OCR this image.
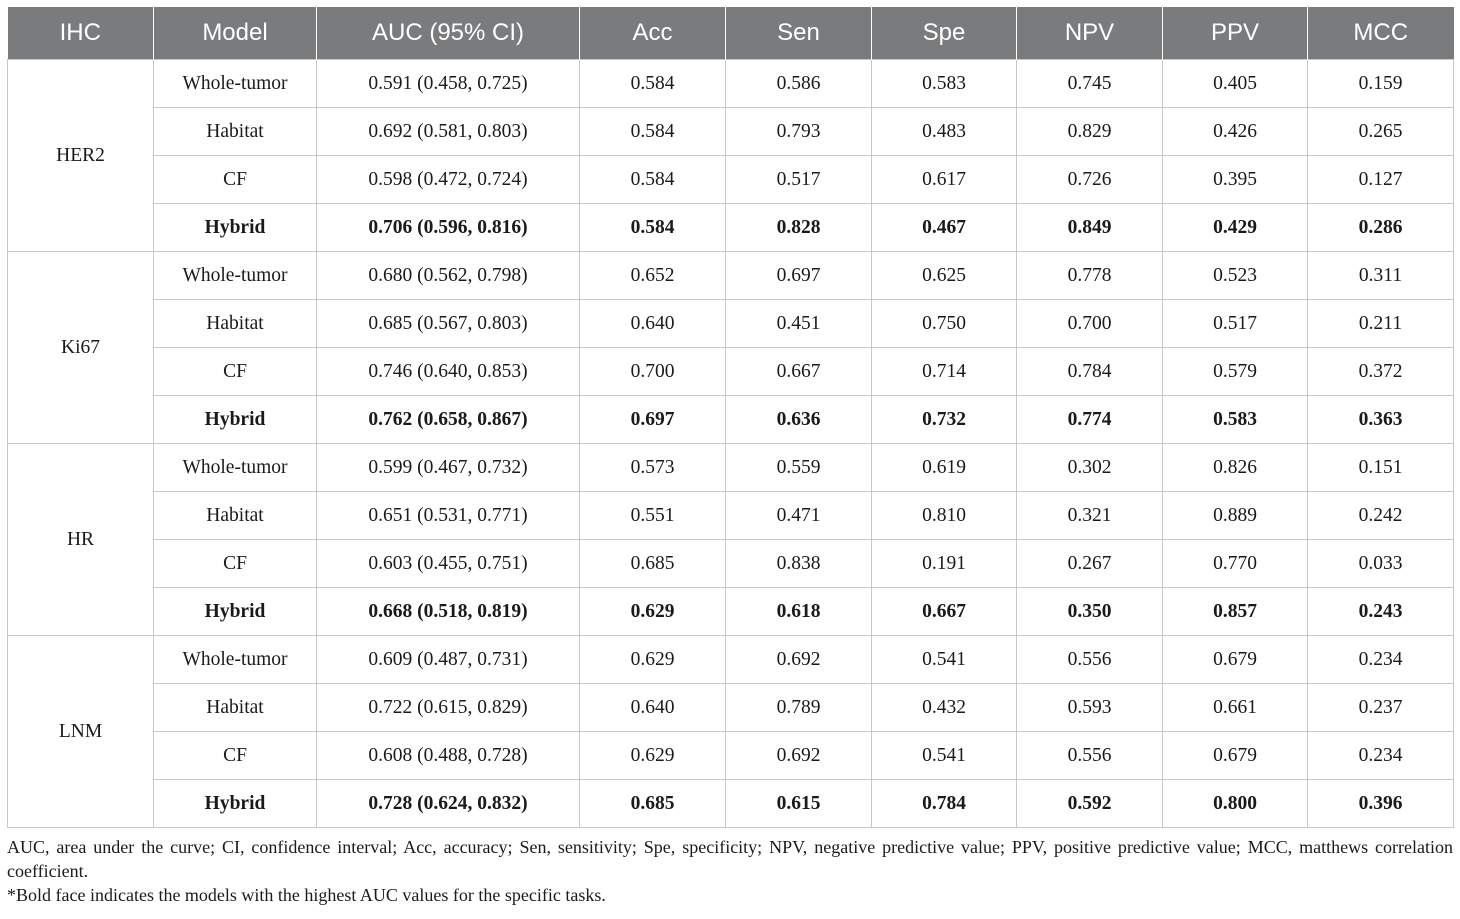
IHC	Model	AUC (95% CI)	Acc	Sen	Spe	NPV	PPV	MCC
HER2	Whole-tumor	0.591 (0.458, 0.725)	0.584	0.586	0.583	0.745	0.405	0.159
	Habitat	0.692 (0.581, 0.803)	0.584	0.793	0.483	0.829	0.426	0.265
	CF	0.598 (0.472, 0.724)	0.584	0.517	0.617	0.726	0.395	0.127
	Hybrid	0.706 (0.596, 0.816)	0.584	0.828	0.467	0.849	0.429	0.286
Ki67	Whole-tumor	0.680 (0.562, 0.798)	0.652	0.697	0.625	0.778	0.523	0.311
	Habitat	0.685 (0.567, 0.803)	0.640	0.451	0.750	0.700	0.517	0.211
	CF	0.746 (0.640, 0.853)	0.700	0.667	0.714	0.784	0.579	0.372
	Hybrid	0.762 (0.658, 0.867)	0.697	0.636	0.732	0.774	0.583	0.363
HR	Whole-tumor	0.599 (0.467, 0.732)	0.573	0.559	0.619	0.302	0.826	0.151
	Habitat	0.651 (0.531, 0.771)	0.551	0.471	0.810	0.321	0.889	0.242
	CF	0.603 (0.455, 0.751)	0.685	0.838	0.191	0.267	0.770	0.033
	Hybrid	0.668 (0.518, 0.819)	0.629	0.618	0.667	0.350	0.857	0.243
LNM	Whole-tumor	0.609 (0.487, 0.731)	0.629	0.692	0.541	0.556	0.679	0.234
	Habitat	0.722 (0.615, 0.829)	0.640	0.789	0.432	0.593	0.661	0.237
	CF	0.608 (0.488, 0.728)	0.629	0.692	0.541	0.556	0.679	0.234
	Hybrid	0.728 (0.624, 0.832)	0.685	0.615	0.784	0.592	0.800	0.396

AUC, area under the curve; CI, confidence interval; Acc, accuracy; Sen, sensitivity; Spe, specificity; NPV, negative predictive value; PPV, positive predictive value; MCC, matthews correlation coefficient.

*Bold face indicates the models with the highest AUC values for the specific tasks.
